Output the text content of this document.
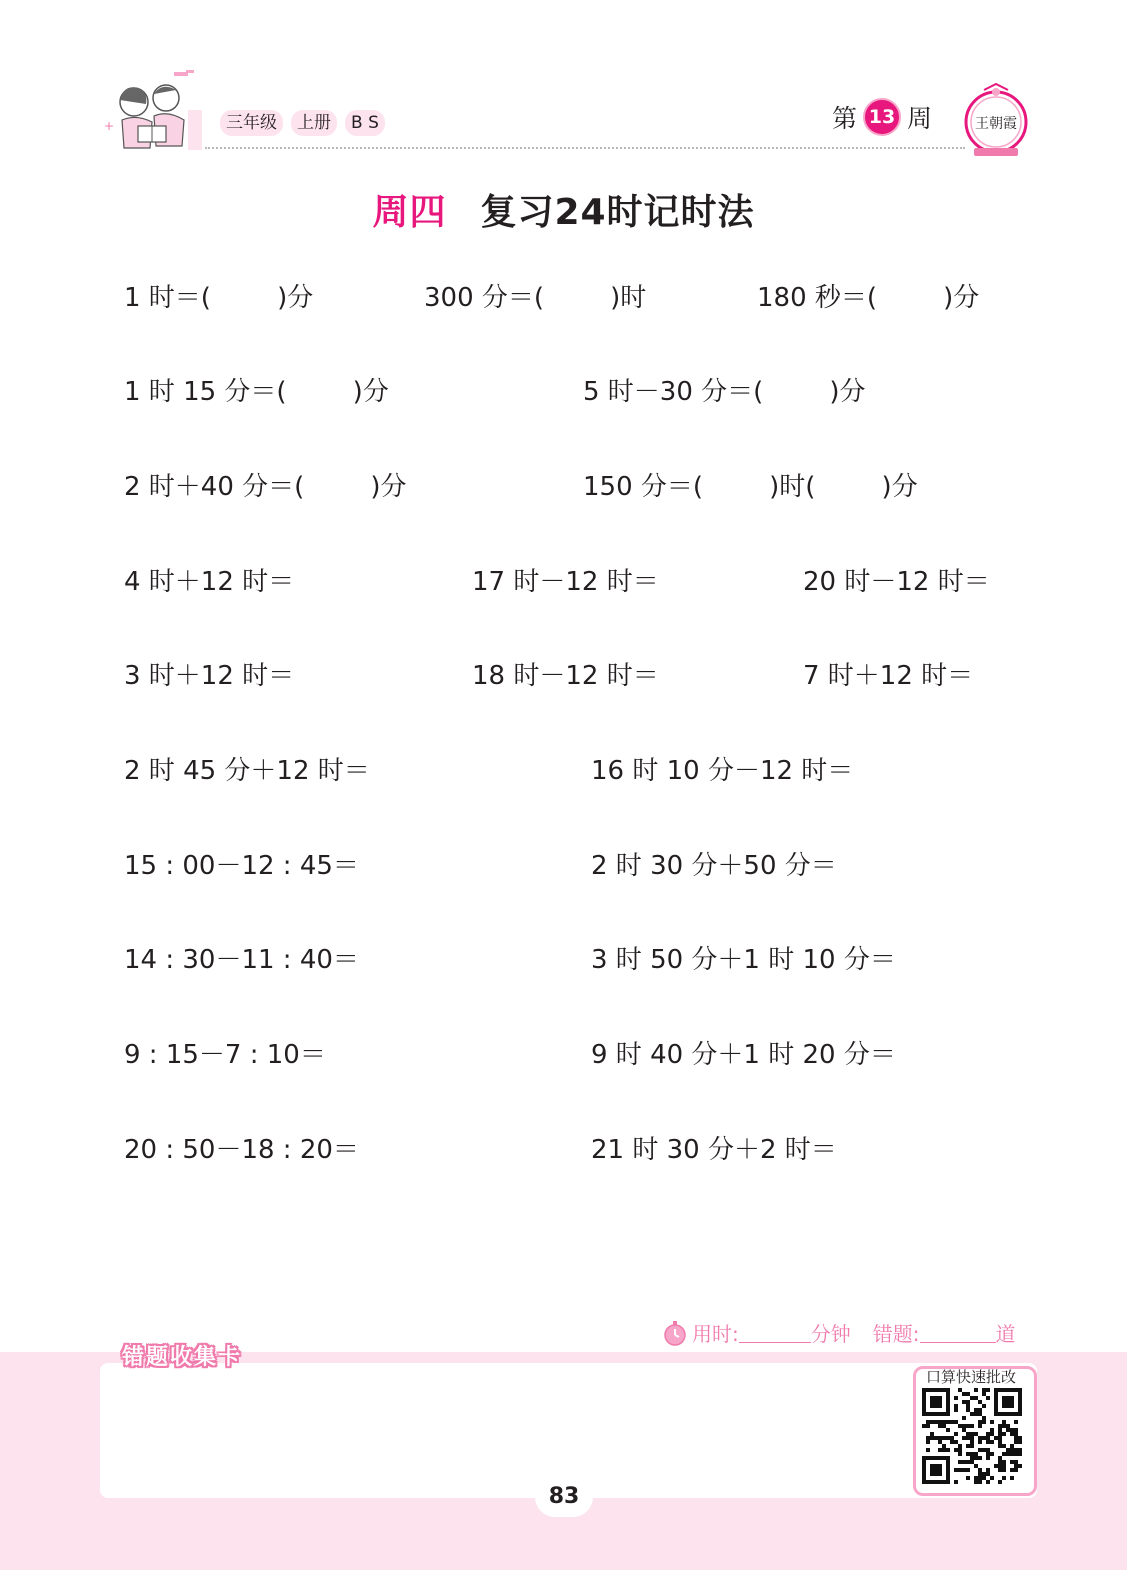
+	三年级	上册	B S	第 13 周	王朝霞
周四 复习24时记时法
1 时＝(        )分	300 分＝(        )时	180 秒＝(        )分
1 时 15 分＝(        )分	5 时－30 分＝(        )分
2 时＋40 分＝(        )分	150 分＝(        )时(        )分
4 时＋12 时＝	17 时－12 时＝	20 时－12 时＝
3 时＋12 时＝	18 时－12 时＝	7 时＋12 时＝
2 时 45 分＋12 时＝	16 时 10 分－12 时＝
15 : 00－12 : 45＝	2 时 30 分＋50 分＝
14 : 30－11 : 40＝	3 时 50 分＋1 时 10 分＝
9 : 15－7 : 10＝	9 时 40 分＋1 时 20 分＝
20 : 50－18 : 20＝	21 时 30 分＋2 时＝
用时:	分钟 错题:	道
错题收集卡
口算快速批改
83
